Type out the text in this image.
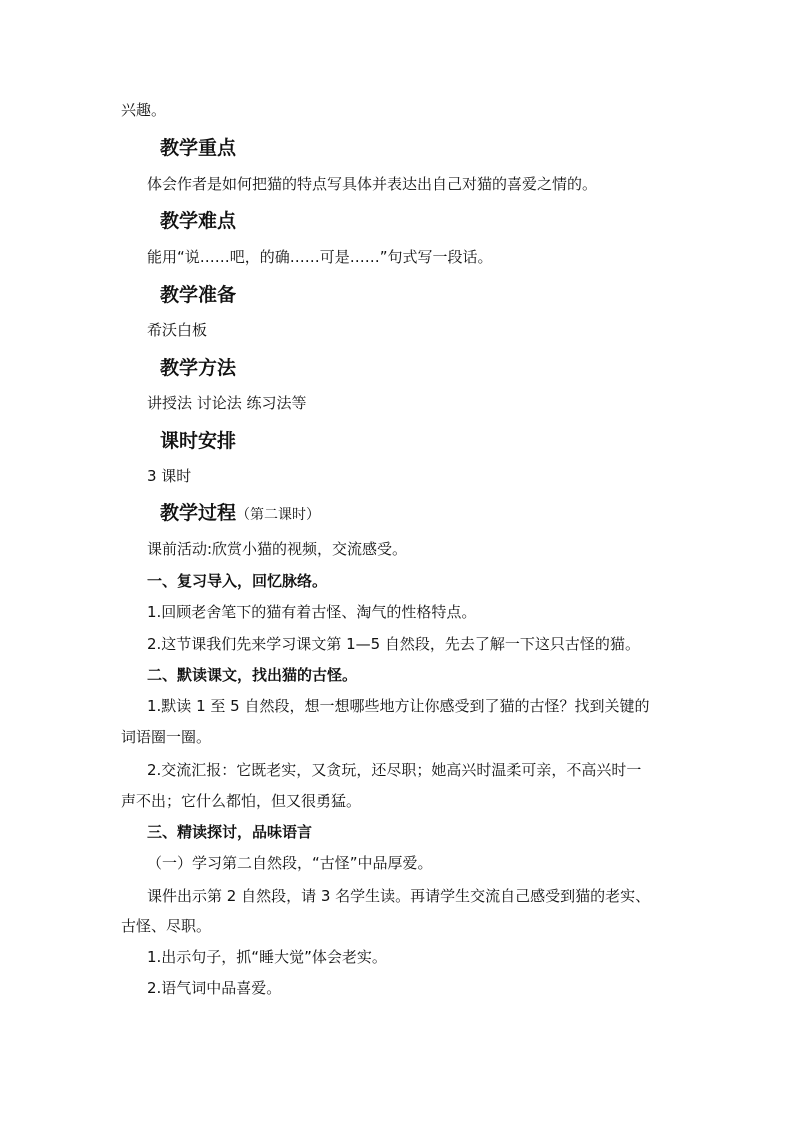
兴趣。
教学重点
体会作者是如何把猫的特点写具体并表达出自己对猫的喜爱之情的。
教学难点
能用“说……吧，的确……可是……”句式写一段话。
教学准备
希沃白板
教学方法
讲授法 讨论法 练习法等
课时安排
3 课时
教学过程（第二课时）
课前活动:欣赏小猫的视频，交流感受。
一、复习导入，回忆脉络。
1.回顾老舍笔下的猫有着古怪、淘气的性格特点。
2.这节课我们先来学习课文第 1—5 自然段，先去了解一下这只古怪的猫。
二、默读课文，找出猫的古怪。
1.默读 1 至 5 自然段，想一想哪些地方让你感受到了猫的古怪？找到关键的
词语圈一圈。
2.交流汇报：它既老实，又贪玩，还尽职；她高兴时温柔可亲，不高兴时一
声不出；它什么都怕，但又很勇猛。
三、精读探讨，品味语言
（一）学习第二自然段，“古怪”中品厚爱。
课件出示第 2 自然段，请 3 名学生读。再请学生交流自己感受到猫的老实、
古怪、尽职。
1.出示句子，抓“睡大觉”体会老实。
2.语气词中品喜爱。
